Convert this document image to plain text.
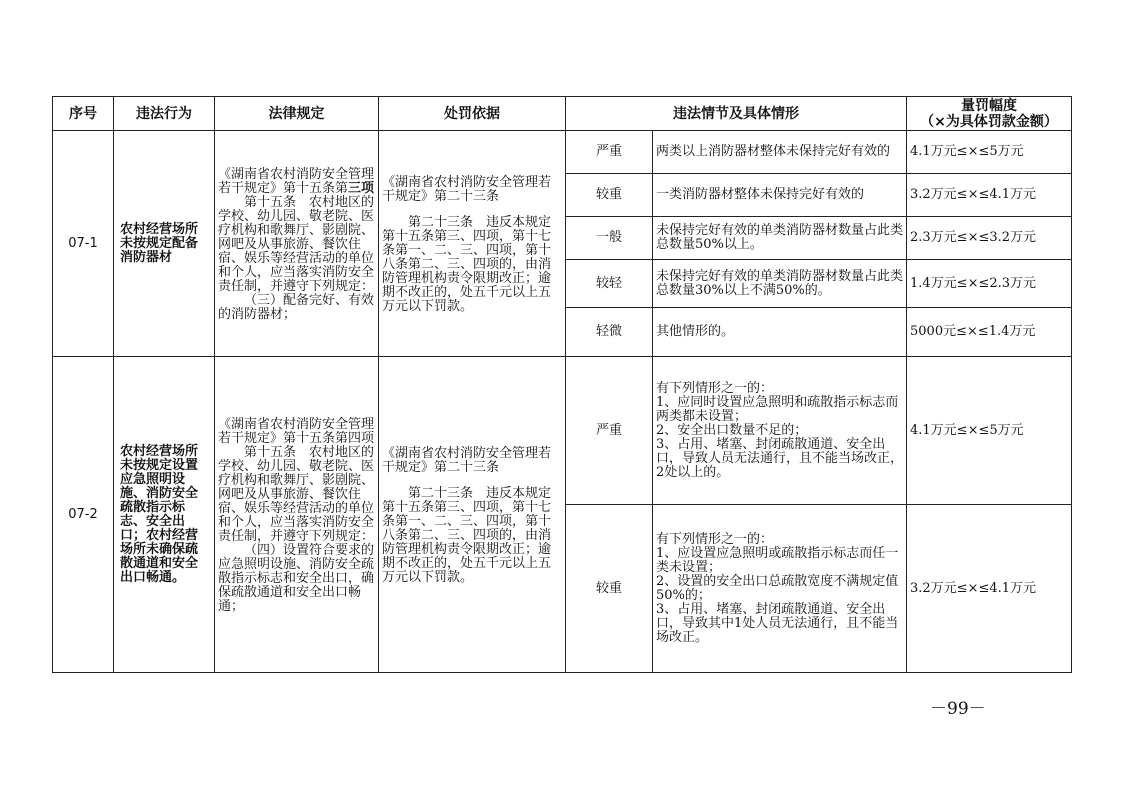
序号	违法行为	法律规定	处罚依据	违法情节及具体情形		量罚幅度
（×为具体罚款金额）

07-1	农村经营场所未按规定配备消防器材	《湖南省农村消防安全管理若干规定》第十五条第三项
第十五条　农村地区的学校、幼儿园、敬老院、医疗机构和歌舞厅、影剧院、网吧及从事旅游、餐饮住宿、娱乐等经营活动的单位和个人，应当落实消防安全责任制，并遵守下列规定：
（三）配备完好、有效的消防器材；	《湖南省农村消防安全管理若干规定》第二十三条
第二十三条　违反本规定第十五条第三、四项，第十七条第一、二、三、四项，第十八条第二、三、四项的，由消防管理机构责令限期改正；逾期不改正的，处五千元以上五万元以下罚款。	严重	两类以上消防器材整体未保持完好有效的	4.1万元≤×≤5万元
				较重	一类消防器材整体未保持完好有效的	3.2万元≤×≤4.1万元
				一般	未保持完好有效的单类消防器材数量占此类总数量50%以上。	2.3万元≤×≤3.2万元
				较轻	未保持完好有效的单类消防器材数量占此类总数量30%以上不满50%的。	1.4万元≤×≤2.3万元
				轻微	其他情形的。	5000元≤×≤1.4万元
07-2	农村经营场所未按规定设置应急照明设施、消防安全疏散指示标志、安全出口；农村经营场所未确保疏散通道和安全出口畅通。	《湖南省农村消防安全管理若干规定》第十五条第四项
第十五条　农村地区的学校、幼儿园、敬老院、医疗机构和歌舞厅、影剧院、网吧及从事旅游、餐饮住宿、娱乐等经营活动的单位和个人，应当落实消防安全责任制，并遵守下列规定：
（四）设置符合要求的应急照明设施、消防安全疏散指示标志和安全出口，确保疏散通道和安全出口畅通；	《湖南省农村消防安全管理若干规定》第二十三条
第二十三条　违反本规定第十五条第三、四项，第十七条第一、二、三、四项，第十八条第二、三、四项的，由消防管理机构责令限期改正；逾期不改正的，处五千元以上五万元以下罚款。	严重	有下列情形之一的：
1、应同时设置应急照明和疏散指示标志而两类都未设置；
2、安全出口数量不足的；
3、占用、堵塞、封闭疏散通道、安全出口，导致人员无法通行，且不能当场改正，2处以上的。	4.1万元≤×≤5万元
				较重	有下列情形之一的：
1、应设置应急照明或疏散指示标志而任一类未设置；
2、设置的安全出口总疏散宽度不满规定值50%的；
3、占用、堵塞、封闭疏散通道、安全出口，导致其中1处人员无法通行，且不能当场改正。	3.2万元≤×≤4.1万元
－99－
